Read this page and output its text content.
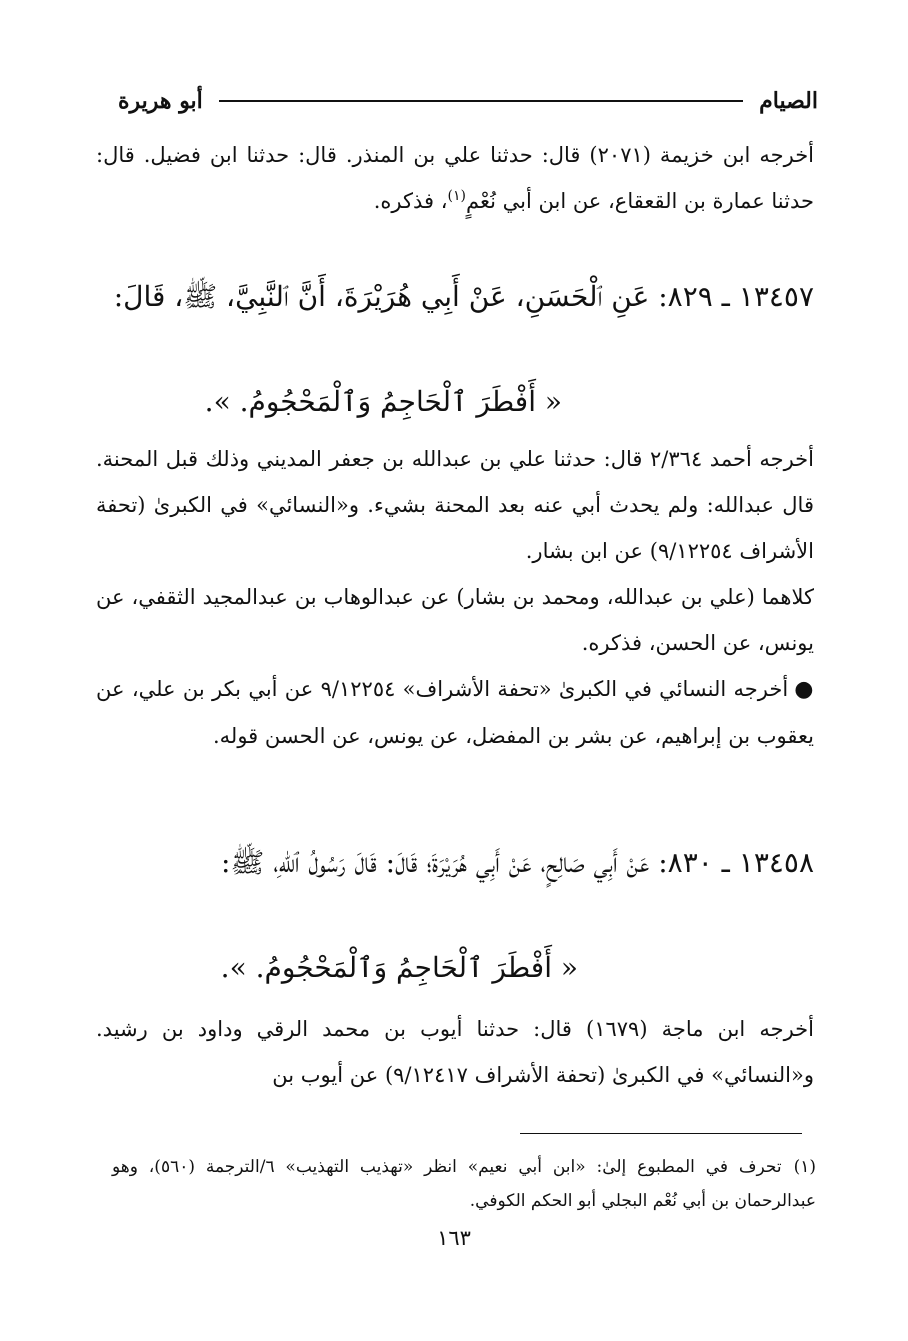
الصيام
أبو هريرة

أخرجه ابن خزيمة (٢٠٧١) قال: حدثنا علي بن المنذر. قال: حدثنا ابن فضيل. قال: حدثنا عمارة بن القعقاع، عن ابن أبي نُعْمٍ$^{(١)}$، فذكره.

١٣٤٥٧ ـ ٨٢٩: عَنِ ٱلْحَسَنِ، عَنْ أَبِي هُرَيْرَةَ، أَنَّ ٱلنَّبِيَّ، ﷺ، قَالَ:

« أَفْطَرَ ٱلْحَاجِمُ وَٱلْمَحْجُومُ. ».

أخرجه أحمد ٢/٣٦٤ قال: حدثنا علي بن عبدالله بن جعفر المديني وذلك قبل المحنة. قال عبدالله: ولم يحدث أبي عنه بعد المحنة بشيء. و«النسائي» في الكبرىٰ (تحفة الأشراف ٩/١٢٢٥٤) عن ابن بشار.

كلاهما (علي بن عبدالله، ومحمد بن بشار) عن عبدالوهاب بن عبدالمجيد الثقفي، عن يونس، عن الحسن، فذكره.

●أخرجه النسائي في الكبرىٰ «تحفة الأشراف» ٩/١٢٢٥٤ عن أبي بكر بن علي، عن يعقوب بن إبراهيم، عن بشر بن المفضل، عن يونس، عن الحسن قوله.

١٣٤٥٨ ـ ٨٣٠: عَنْ أَبِي صَالِحٍ، عَنْ أَبِي هُرَيْرَةَ؛ قَالَ: قَالَ رَسُولُ ٱللهِ، ﷺ:

« أَفْطَرَ ٱلْحَاجِمُ وَٱلْمَحْجُومُ. ».

أخرجه ابن ماجة (١٦٧٩) قال: حدثنا أيوب بن محمد الرقي وداود بن رشيد. و«النسائي» في الكبرىٰ (تحفة الأشراف ٩/١٢٤١٧) عن أيوب بن

(١)تحرف في المطبوع إلىٰ: «ابن أبي نعيم» انظر «تهذيب التهذيب» ٦/الترجمة (٥٦٠)، وهو عبدالرحمان بن أبي نُعْم البجلي أبو الحكم الكوفي.

١٦٣
